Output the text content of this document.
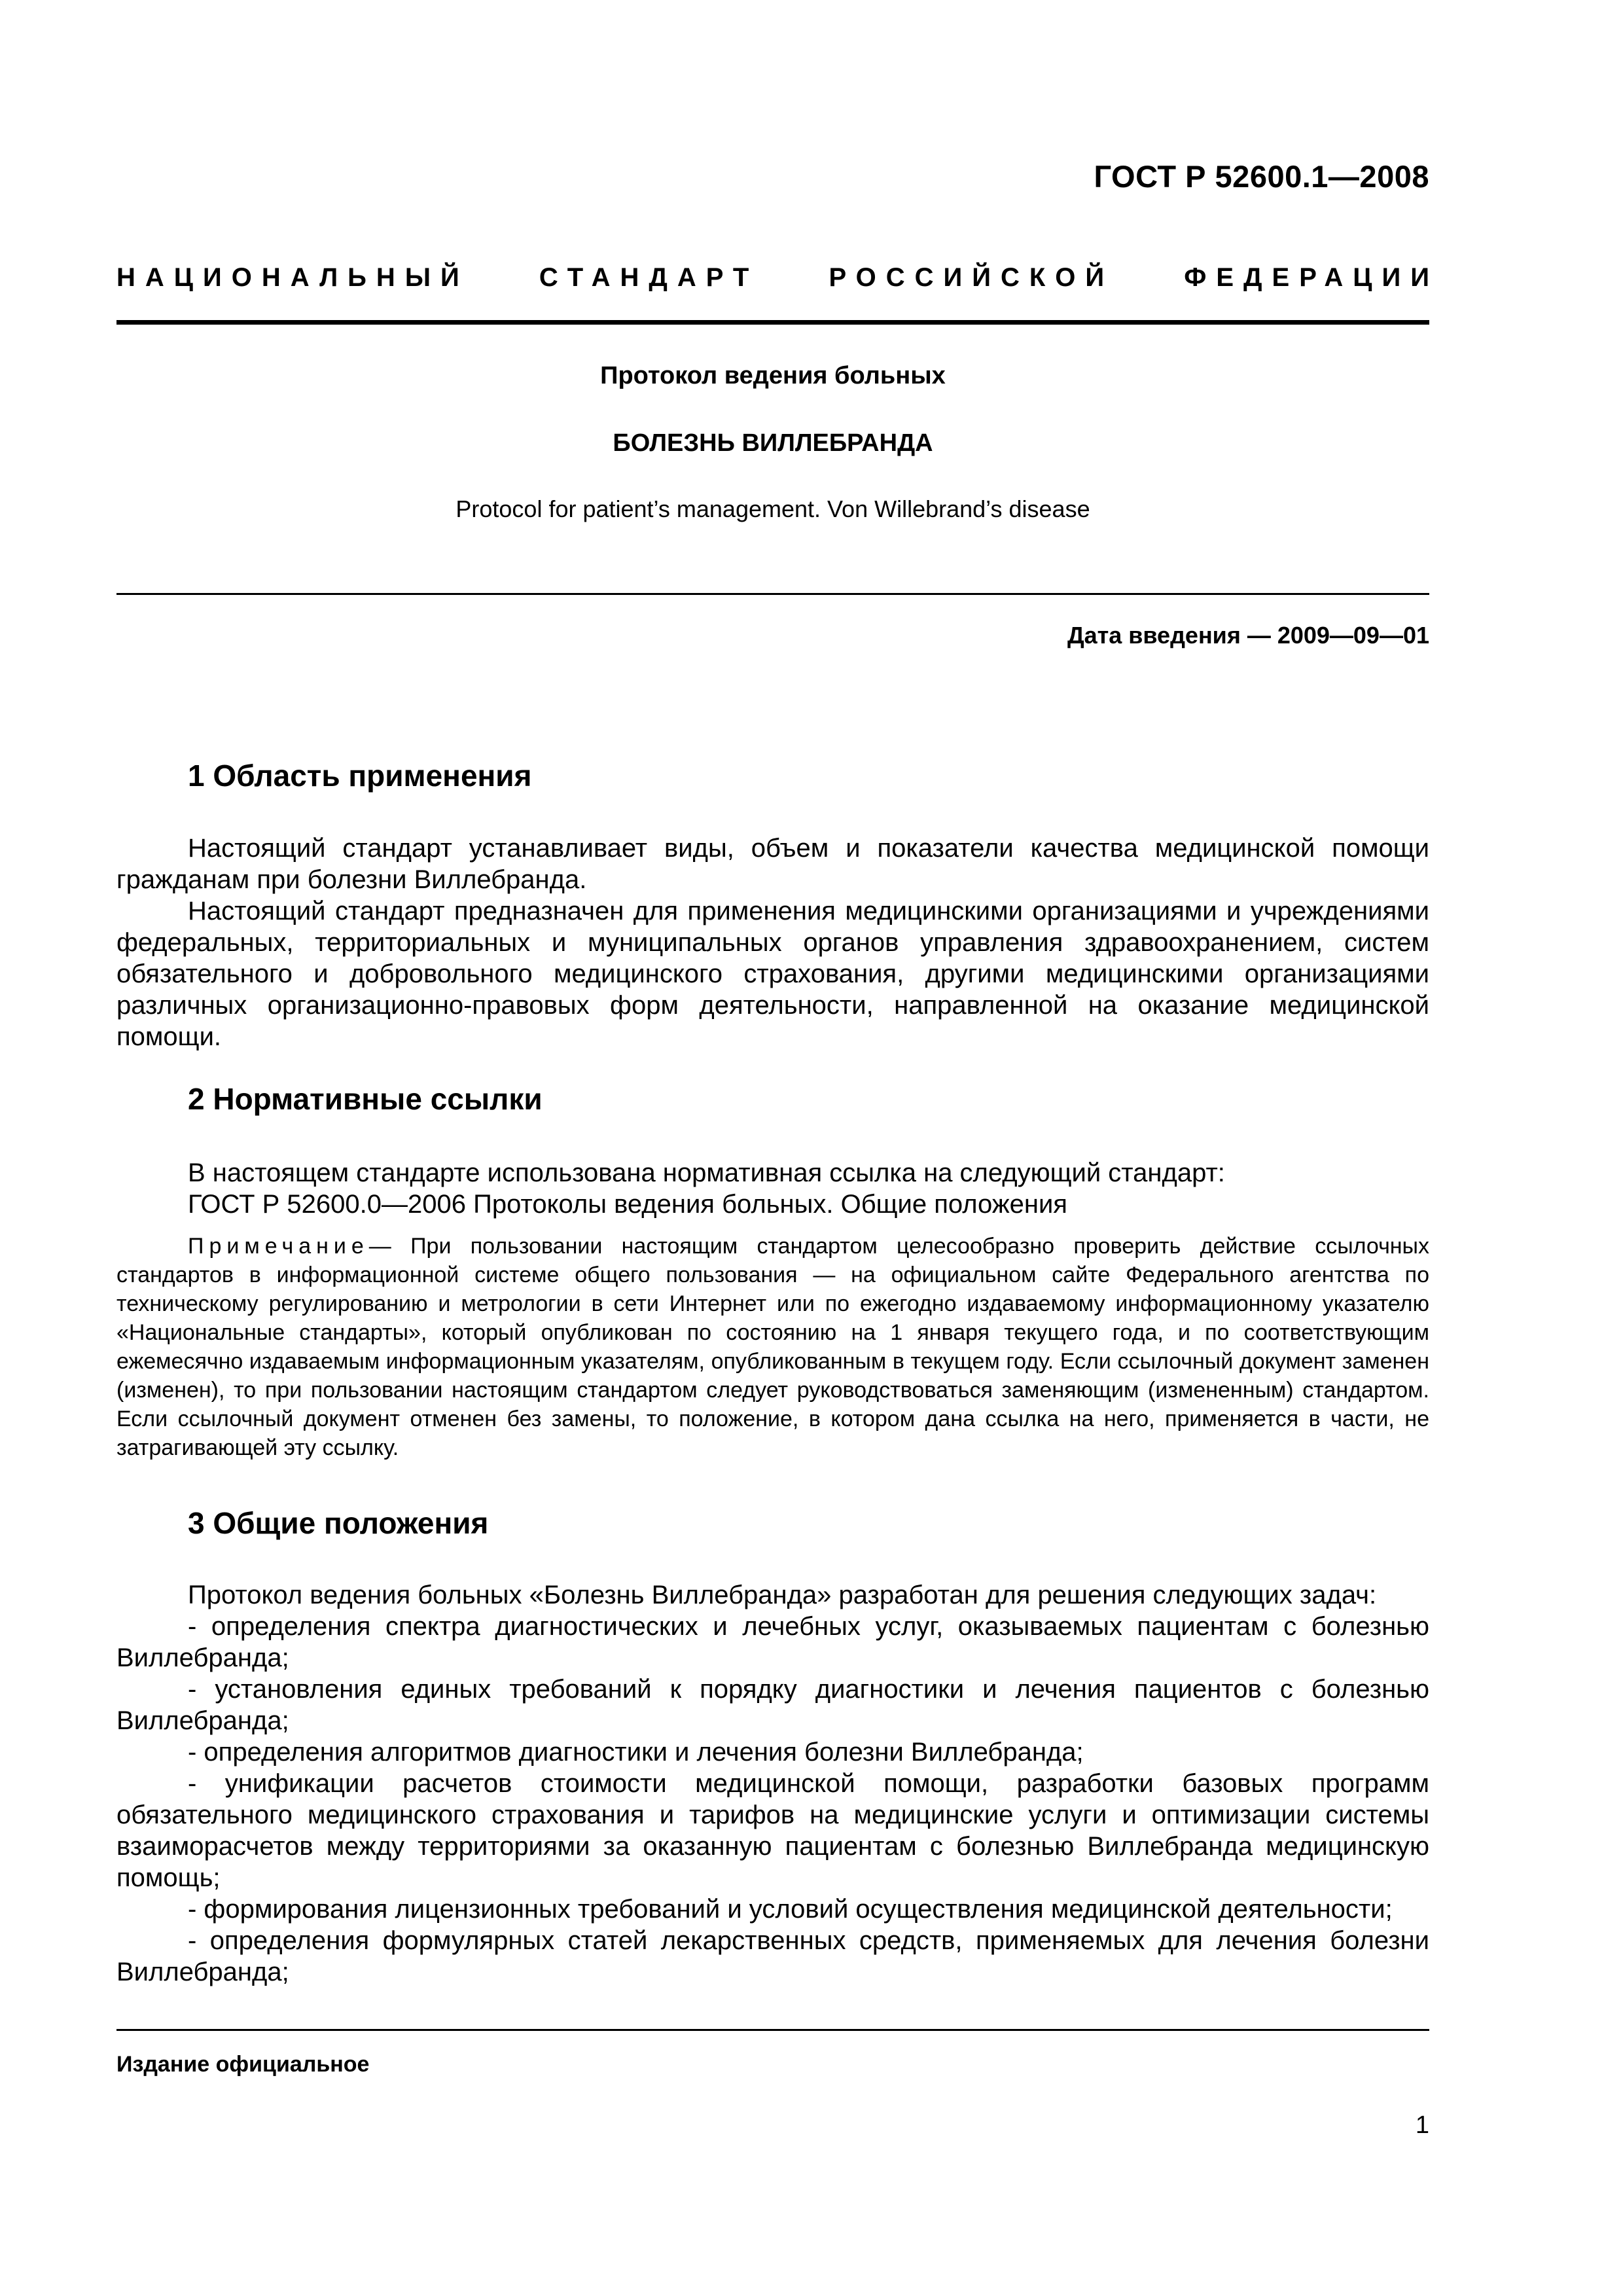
ГОСТ Р 52600.1—2008
НАЦИОНАЛЬНЫЙ	СТАНДАРТ	РОССИЙСКОЙ	ФЕДЕРАЦИИ
Протокол ведения больных
БОЛЕЗНЬ ВИЛЛЕБРАНДА
Protocol for patient’s management. Von Willebrand’s disease
Дата введения — 2009—09—01
1 Область применения

Настоящий стандарт устанавливает виды, объем и показатели качества медицинской помощи гражданам при болезни Виллебранда.

Настоящий стандарт предназначен для применения медицинскими организациями и учреждениями федеральных, территориальных и муниципальных органов управления здравоохранением, систем обязательного и добровольного медицинского страхования, другими медицинскими организациями различных организационно-правовых форм деятельности, направленной на оказание медицинской помощи.

2 Нормативные ссылки
В настоящем стандарте использована нормативная ссылка на следующий стандарт:
ГОСТ Р 52600.0—2006 Протоколы ведения больных. Общие положения

Примечание— При пользовании настоящим стандартом целесообразно проверить действие ссылочных стандартов в информационной системе общего пользования — на официальном сайте Федерального агентства по техническому регулированию и метрологии в сети Интернет или по ежегодно издаваемому информационному указателю «Национальные стандарты», который опубликован по состоянию на 1 января текущего года, и по соответствующим ежемесячно издаваемым информационным указателям, опубликованным в текущем году. Если ссылочный документ заменен (изменен), то при пользовании настоящим стандартом следует руководствоваться заменяющим (измененным) стандартом. Если ссылочный документ отменен без замены, то положение, в котором дана ссылка на него, применяется в части, не затрагивающей эту ссылку.

3 Общие положения

Протокол ведения больных «Болезнь Виллебранда» разработан для решения следующих задач:

- определения спектра диагностических и лечебных услуг, оказываемых пациентам с болезнью Виллебранда;

- установления единых требований к порядку диагностики и лечения пациентов с болезнью Виллебранда;

- определения алгоритмов диагностики и лечения болезни Виллебранда;

- унификации расчетов стоимости медицинской помощи, разработки базовых программ обязательного медицинского страхования и тарифов на медицинские услуги и оптимизации системы взаиморасчетов между территориями за оказанную пациентам с болезнью Виллебранда медицинскую помощь;

- формирования лицензионных требований и условий осуществления медицинской деятельности;

- определения формулярных статей лекарственных средств, применяемых для лечения болезни Виллебранда;

Издание официальное
1
